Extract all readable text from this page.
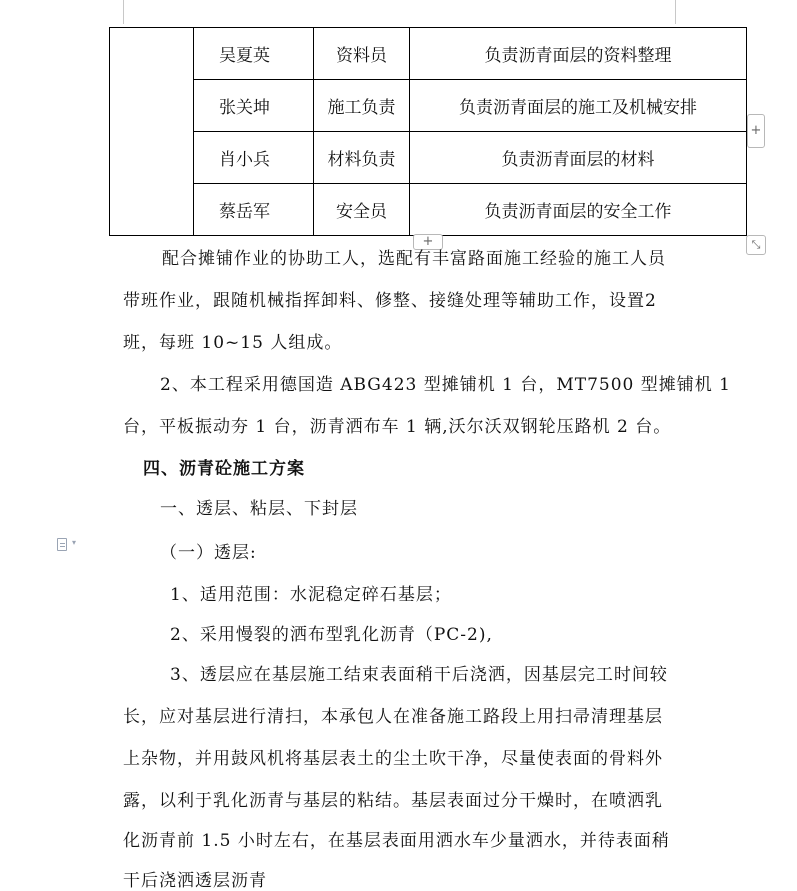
	吴夏英	资料员	负责沥青面层的资料整理
	张关坤	施工负责	负责沥青面层的施工及机械安排
	肖小兵	材料负责	负责沥青面层的材料
	蔡岳军	安全员	负责沥青面层的安全工作
+
+	⤡
配合摊铺作业的协助工人，选配有丰富路面施工经验的施工人员
带班作业，跟随机械指挥卸料、修整、接缝处理等辅助工作，设置2
班，每班 10~15 人组成。
2、本工程采用德国造 ABG423 型摊铺机 1 台，MT7500 型摊铺机 1
台，平板振动夯 1 台，沥青洒布车 1 辆,沃尔沃双钢轮压路机 2 台。
四、沥青砼施工方案
一、透层、粘层、下封层
（一）透层:
1、适用范围：水泥稳定碎石基层；
2、采用慢裂的洒布型乳化沥青（PC-2),
3、透层应在基层施工结束表面稍干后浇洒，因基层完工时间较
长，应对基层进行清扫，本承包人在准备施工路段上用扫帚清理基层
上杂物，并用鼓风机将基层表土的尘土吹干净，尽量使表面的骨料外
露，以利于乳化沥青与基层的粘结。基层表面过分干燥时，在喷洒乳
化沥青前 1.5 小时左右，在基层表面用洒水车少量洒水，并待表面稍
干后浇洒透层沥青
▾
